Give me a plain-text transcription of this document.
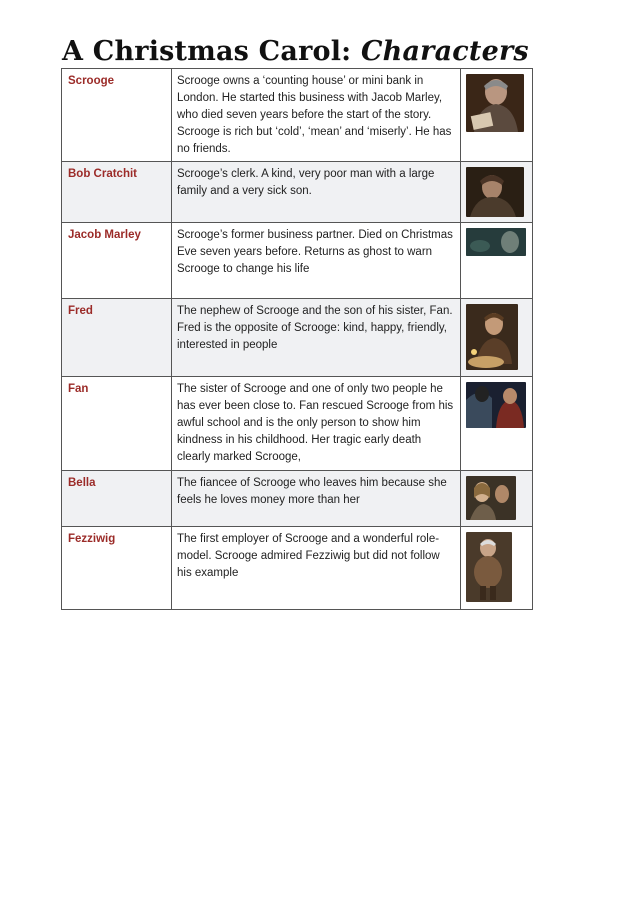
A Christmas Carol: Characters
Scrooge	Scrooge owns a ‘counting house’ or mini bank in London. He started this business with Jacob Marley, who died seven years before the start of the story. Scrooge is rich but ‘cold’, ‘mean’ and ‘miserly’. He has no friends.	

Bob Cratchit	Scrooge’s clerk. A kind, very poor man with a large family and a very sick son.	

Jacob Marley	Scrooge’s former business partner. Died on Christmas Eve seven years before. Returns as ghost to warn Scrooge to change his life	

Fred	The nephew of Scrooge and the son of his sister, Fan. Fred is the opposite of Scrooge: kind, happy, friendly, interested in people	

Fan	The sister of Scrooge and one of only two people he has ever been close to. Fan rescued Scrooge from his awful school and is the only person to show him kindness in his childhood. Her tragic early death clearly marked Scrooge,	

Bella	The fiancee of Scrooge who leaves him because she feels he loves money more than her	

Fezziwig	The first employer of Scrooge and a wonderful role-model. Scrooge admired Fezziwig but did not follow his example	
